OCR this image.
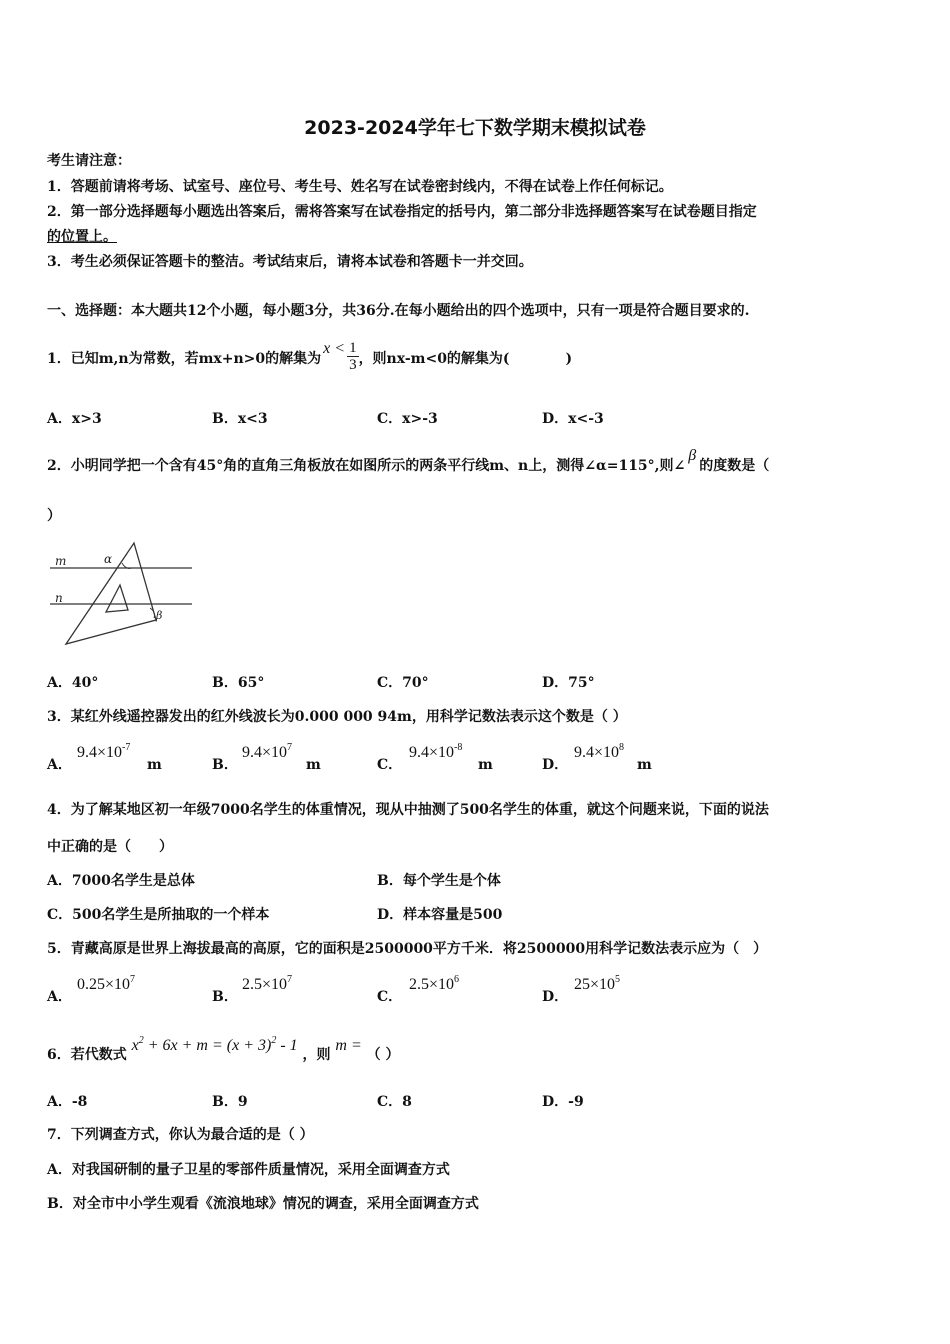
2023-2024学年七下数学期末模拟试卷
考生请注意：
1．答题前请将考场、试室号、座位号、考生号、姓名写在试卷密封线内，不得在试卷上作任何标记。
2．第一部分选择题每小题选出答案后，需将答案写在试卷指定的括号内，第二部分非选择题答案写在试卷题目指定
的位置上。
3．考生必须保证答题卡的整洁。考试结束后，请将本试卷和答题卡一并交回。
一、选择题：本大题共12个小题，每小题3分，共36分.在每小题给出的四个选项中，只有一项是符合题目要求的.
1．已知m,n为常数，若mx+n>0的解集为
$x < \frac{1}{3}$ ，则nx-m<0的解集为(　　　　)
A．x>3	B．x<3	C．x>-3	D．x<-3
2．小明同学把一个含有45°角的直角三角板放在如图所示的两条平行线m、n上，测得∠α=115°,则∠β的度数是（
）
m
n
α
β
A．40°	B．65°	C．70°	D．75°
3．某红外线遥控器发出的红外线波长为0.000 000 94m，用科学记数法表示这个数是（ ）
A．
$9.4\times 10^{-7}$
m	B．
$9.4\times 10^7$
m	C．
$9.4\times 10^{-8}$
m	D．
$9.4\times 10^8$
m
4．为了解某地区初一年级7000名学生的体重情况，现从中抽测了500名学生的体重，就这个问题来说，下面的说法
中正确的是（　　）
A．7000名学生是总体	B．每个学生是个体
C．500名学生是所抽取的一个样本	D．样本容量是500
5．青藏高原是世界上海拔最高的高原，它的面积是2500000平方千米．将2500000用科学记数法表示应为（　）
A．
$0.25\times 10^7$
B．
$2.5\times 10^7$
C．
$2.5\times 10^6$
D．
$25\times 10^5$
6．若代数式 $x^2 + 6x + m = (x + 3)^2 - 1$ ，则 m = （ ）
A．-8	B．9	C．8	D．-9
7．下列调查方式，你认为最合适的是（ ）
A．对我国研制的量子卫星的零部件质量情况，采用全面调查方式
B．对全市中小学生观看《流浪地球》情况的调查，采用全面调查方式
